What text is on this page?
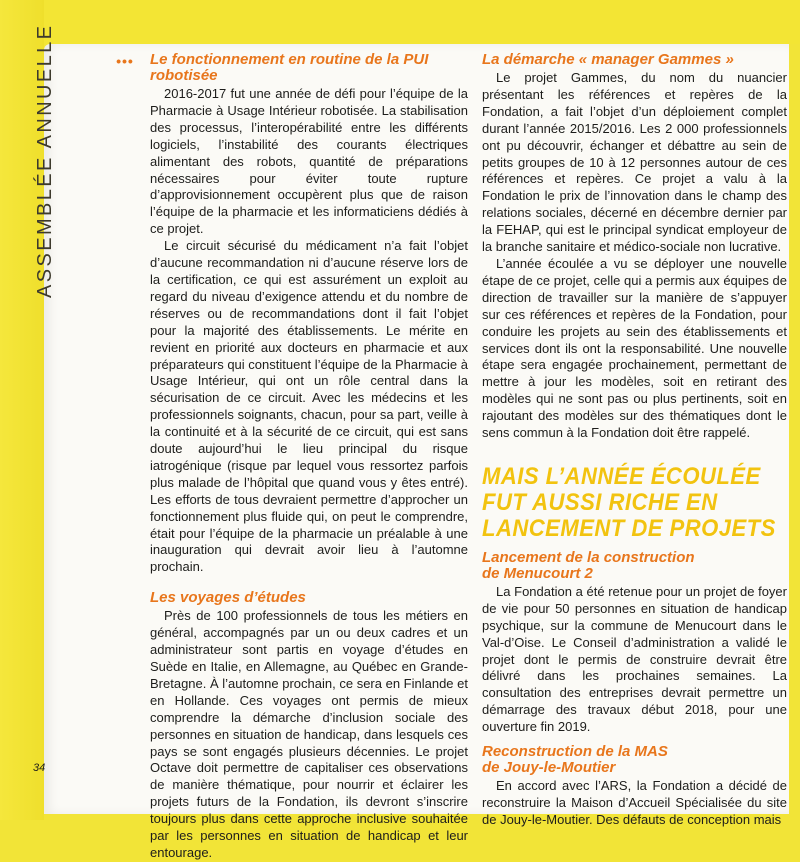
ASSEMBLÉE ANNUELLE	••• Le fonctionnement en routine de la PUI
robotisée

2016-2017 fut une année de défi pour l’équipe de la Pharmacie à Usage Intérieur robotisée. La stabilisation des processus, l’interopérabilité entre les différents logiciels, l’instabilité des courants électriques alimentant des robots, quantité de préparations nécessaires pour éviter toute rupture d’approvisionnement occupèrent plus que de raison l’équipe de la pharmacie et les informaticiens dédiés à ce projet.

Le circuit sécurisé du médicament n’a fait l’objet d’aucune recommandation ni d’aucune réserve lors de la certification, ce qui est assurément un exploit au regard du niveau d’exigence attendu et du nombre de réserves ou de recommandations dont il fait l’objet pour la majorité des établissements. Le mérite en revient en priorité aux docteurs en pharmacie et aux préparateurs qui constituent l’équipe de la Pharmacie à Usage Intérieur, qui ont un rôle central dans la sécurisation de ce circuit. Avec les médecins et les professionnels soignants, chacun, pour sa part, veille à la continuité et à la sécurité de ce circuit, qui est sans doute aujourd’hui le lieu principal du risque iatrogénique (risque par lequel vous ressortez parfois plus malade de l’hôpital que quand vous y êtes entré). Les efforts de tous devraient permettre d’approcher un fonctionnement plus fluide qui, on peut le comprendre, était pour l’équipe de la pharmacie un préalable à une inauguration qui devrait avoir lieu à l’automne prochain.

Les voyages d’études

Près de 100 professionnels de tous les métiers en général, accompagnés par un ou deux cadres et un administrateur sont partis en voyage d’études en Suède en Italie, en Allemagne, au Québec en Grande-Bretagne. À l’automne prochain, ce sera en Finlande et en Hollande. Ces voyages ont permis de mieux comprendre la démarche d’inclusion sociale des personnes en situation de handicap, dans lesquels ces pays se sont engagés plusieurs décennies. Le projet Octave doit permettre de capitaliser ces observations de manière thématique, pour nourrir et éclairer les projets futurs de la Fondation, ils devront s’inscrire toujours plus dans cette approche inclusive souhaitée par les personnes en situation de handicap et leur entourage.

La démarche « manager Gammes »

Le projet Gammes, du nom du nuancier présentant les références et repères de la Fondation, a fait l’objet d’un déploiement complet durant l’année 2015/2016. Les 2 000 professionnels ont pu découvrir, échanger et débattre au sein de petits groupes de 10 à 12 personnes autour de ces références et repères. Ce projet a valu à la Fondation le prix de l’innovation dans le champ des relations sociales, décerné en décembre dernier par la FEHAP, qui est le principal syndicat employeur de la branche sanitaire et médico-sociale non lucrative.

L’année écoulée a vu se déployer une nouvelle étape de ce projet, celle qui a permis aux équipes de direction de travailler sur la manière de s’appuyer sur ces références et repères de la Fondation, pour conduire les projets au sein des établissements et services dont ils ont la responsabilité. Une nouvelle étape sera engagée prochainement, permettant de mettre à jour les modèles, soit en retirant des modèles qui ne sont pas ou plus pertinents, soit en rajoutant des modèles sur des thématiques dont le sens commun à la Fondation doit être rappelé.

MAIS L’ANNÉE ÉCOULÉE
FUT AUSSI RICHE EN
LANCEMENT DE PROJETS
Lancement de la construction
de Menucourt 2

La Fondation a été retenue pour un projet de foyer de vie pour 50 personnes en situation de handicap psychique, sur la commune de Menucourt dans le Val-d’Oise. Le Conseil d’administration a validé le projet dont le permis de construire devrait être délivré dans les prochaines semaines. La consultation des entreprises devrait permettre un démarrage des travaux début 2018, pour une ouverture fin 2019.

Reconstruction de la MAS
de Jouy-le-Moutier

En accord avec l’ARS, la Fondation a décidé de reconstruire la Maison d’Accueil Spécialisée du site de Jouy-le-Moutier. Des défauts de conception mais

34
